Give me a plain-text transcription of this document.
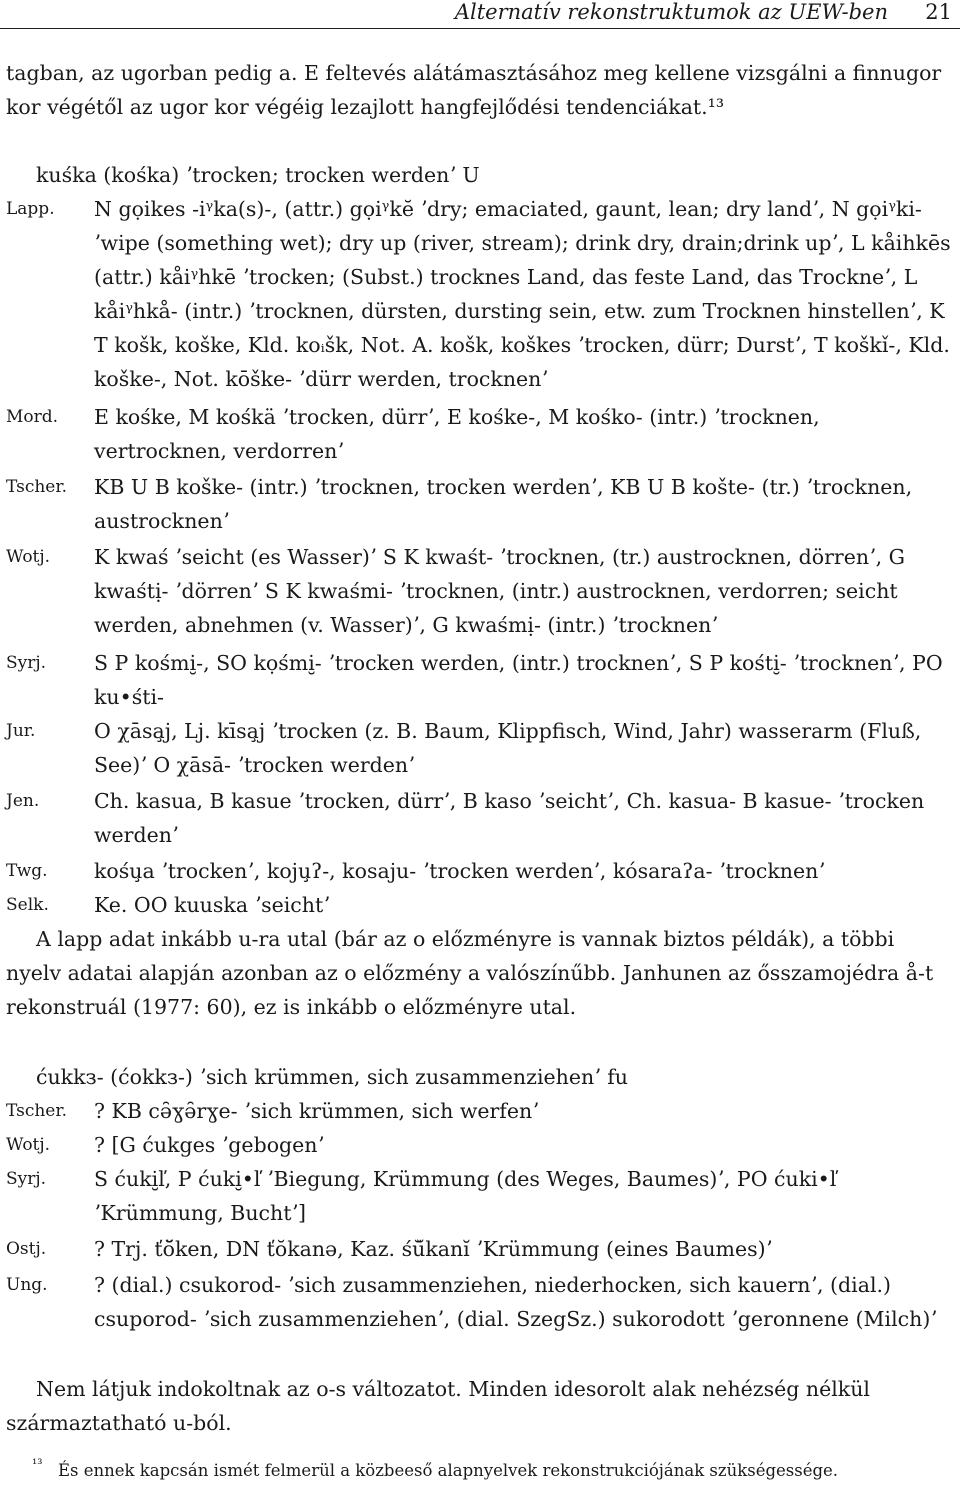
Alternatív rekonstruktumok az UEW-ben 21

tagban, az ugorban pedig a. E feltevés alátámasztásához meg kellene vizsgálni a finnugor kor végétől az ugor kor végéig lezajlott hangfejlődési tendenciákat.¹³

kuśka (kośka) ʼtrocken; trocken werdenʼ U

Lapp. N gọikes -iᵞka(s)-, (attr.) gọiᵞkĕ ʼdry; emaciated, gaunt, lean; dry landʼ, N gọiᵞki- ʼwipe (something wet); dry up (river, stream); drink dry, drain;drink upʼ, L kåihkēs (attr.) kåiᵞhkē ʼtrocken; (Subst.) trocknes Land, das feste Land, das Trockneʼ, L kåiᵞhkå- (intr.) ʼtrocknen, dürsten, dursting sein, etw. zum Trocknen hinstellenʼ, K T košk, koške, Kld. koᵢšk, Not. A. košk, koškes ʼtrocken, dürr; Durstʼ, T koškǐ-, Kld. koške-, Not. kōške- ʼdürr werden, trocknenʼ
Mord. E kośke, M kośkä ʼtrocken, dürrʼ, E kośke-, M kośko- (intr.) ʼtrocknen, vertrocknen, verdorrenʼ
Tscher. KB U B koške- (intr.) ʼtrocknen, trocken werdenʼ, KB U B košte- (tr.) ʼtrocknen, austrocknenʼ
Wotj. K kwaś ʼseicht (es Wasser)ʼ S K kwaśt- ʼtrocknen, (tr.) austrocknen, dörrenʼ, G kwaśtị- ʼdörrenʼ S K kwaśmi- ʼtrocknen, (intr.) austrocknen, verdorren; seicht werden, abnehmen (v. Wasser)ʼ, G kwaśmị- (intr.) ʼtrocknenʼ
Syrj. S P kośmi̮-, SO kọśmi̮- ʼtrocken werden, (intr.) trocknenʼ, S P kośti̮- ʼtrocknenʼ, PO ku•śti-
Jur.	O χāsa̧j, Lj. kīsa̧j ʼtrocken (z. B. Baum, Klippfisch, Wind, Jahr) wasserarm (Fluß, See)ʼ O χāsā- ʼtrocken werdenʼ
Jen.	Ch. kasua, B kasue ʼtrocken, dürrʼ, B kaso ʼseichtʼ, Ch. kasua- B kasue- ʼtrocken werdenʼ
Twg. kośu̧a ʼtrockenʼ, koju̧ʔ-, kosaju- ʼtrocken werdenʼ, kósaraʔa- ʼtrocknenʼ
Selk. Ke. OO kuuska ʼseichtʼ

A lapp adat inkább u-ra utal (bár az o előzményre is vannak biztos példák), a többi nyelv adatai alapján azonban az o előzmény a valószínűbb. Janhunen az ősszamojédra å-t rekonstruál (1977: 60), ez is inkább o előzményre utal.

ćukkз- (ćokkз-) ʼsich krümmen, sich zusammenziehenʼ fu

Tscher. ? KB cə̑ɣə̑rɣe- ʼsich krümmen, sich werfenʼ
Wotj. ? [G ćukges ʼgebogenʼ
Syrj. S ćuki̮ľ, P ćuki̮•ľ ʼBiegung, Krümmung (des Weges, Baumes)ʼ, PO ćuki•ľ ʼKrümmung, Buchtʼ]
Ostj. ? Trj. ťŏ̆ken, DN ťŏkanə, Kaz. śŭ̆kanĭ ʼKrümmung (eines Baumes)ʼ
Ung. ? (dial.) csukorod- ʼsich zusammenziehen, niederhocken, sich kauernʼ, (dial.) csuporod- ʼsich zusammenziehenʼ, (dial. SzegSz.) sukorodott ʼgeronnene (Milch)ʼ

Nem látjuk indokoltnak az o-s változatot. Minden idesorolt alak nehézség nélkül származtatható u-ból.

¹³ És ennek kapcsán ismét felmerül a közbeeső alapnyelvek rekonstrukciójának szükségessége.
